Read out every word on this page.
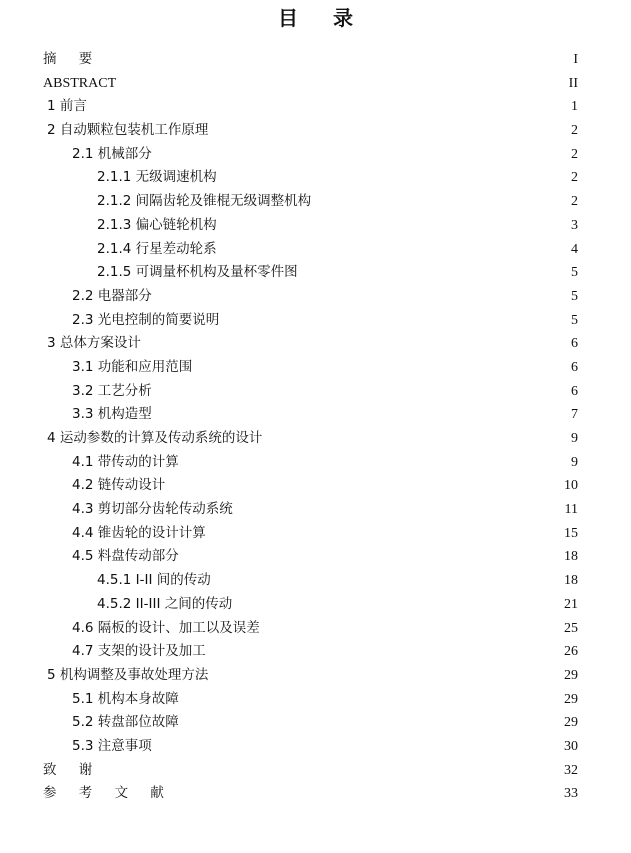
目 录
摘 要	I
ABSTRACT	II
1 前言	1
2 自动颗粒包装机工作原理	2
2.1 机械部分	2
2.1.1 无级调速机构	2
2.1.2 间隔齿轮及锥棍无级调整机构	2
2.1.3 偏心链轮机构	3
2.1.4 行星差动轮系	4
2.1.5 可调量杯机构及量杯零件图	5
2.2 电器部分	5
2.3 光电控制的简要说明	5
3 总体方案设计	6
3.1 功能和应用范围	6
3.2 工艺分析	6
3.3 机构造型	7
4 运动参数的计算及传动系统的设计	9
4.1 带传动的计算	9
4.2 链传动设计	10
4.3 剪切部分齿轮传动系统	11
4.4 锥齿轮的设计计算	15
4.5 料盘传动部分	18
4.5.1 I-II 间的传动	18
4.5.2 II-III 之间的传动	21
4.6 隔板的设计、加工以及误差	25
4.7 支架的设计及加工	26
5 机构调整及事故处理方法	29
5.1 机构本身故障	29
5.2 转盘部位故障	29
5.3 注意事项	30
致 谢	32
参 考 文 献	33
